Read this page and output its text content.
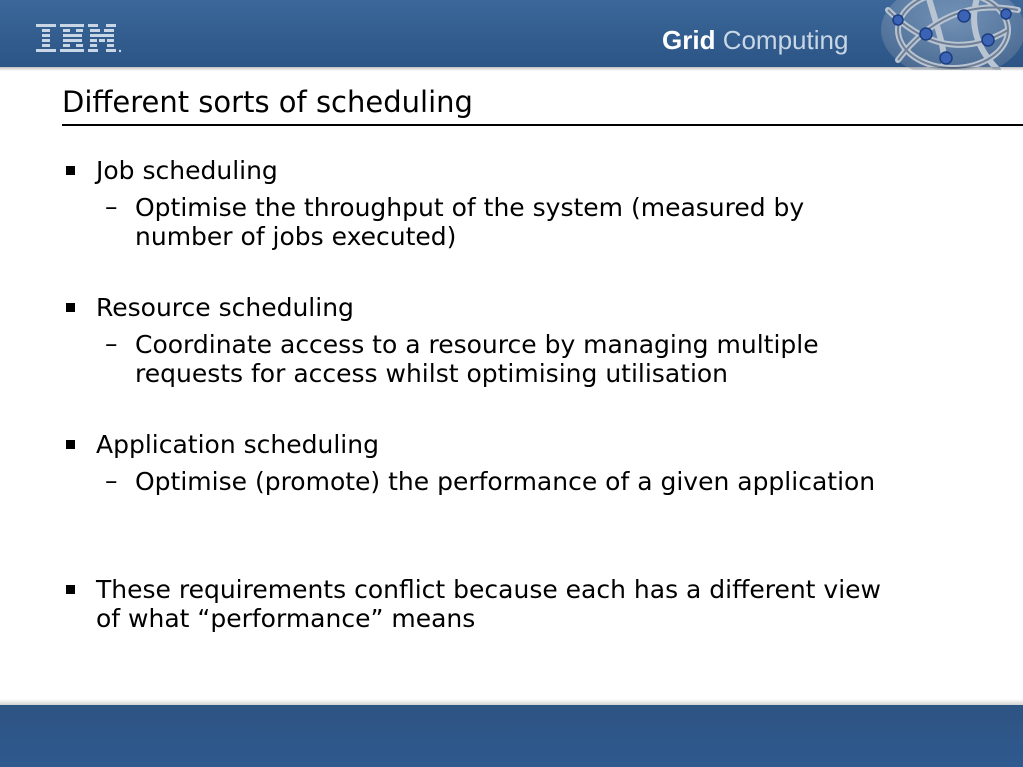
Grid Computing
Different sorts of scheduling
Job scheduling
– Optimise the throughput of the system (measured by
number of jobs executed)
Resource scheduling
– Coordinate access to a resource by managing multiple
requests for access whilst optimising utilisation
Application scheduling
– Optimise (promote) the performance of a given application
These requirements conflict because each has a different view
of what “performance” means
